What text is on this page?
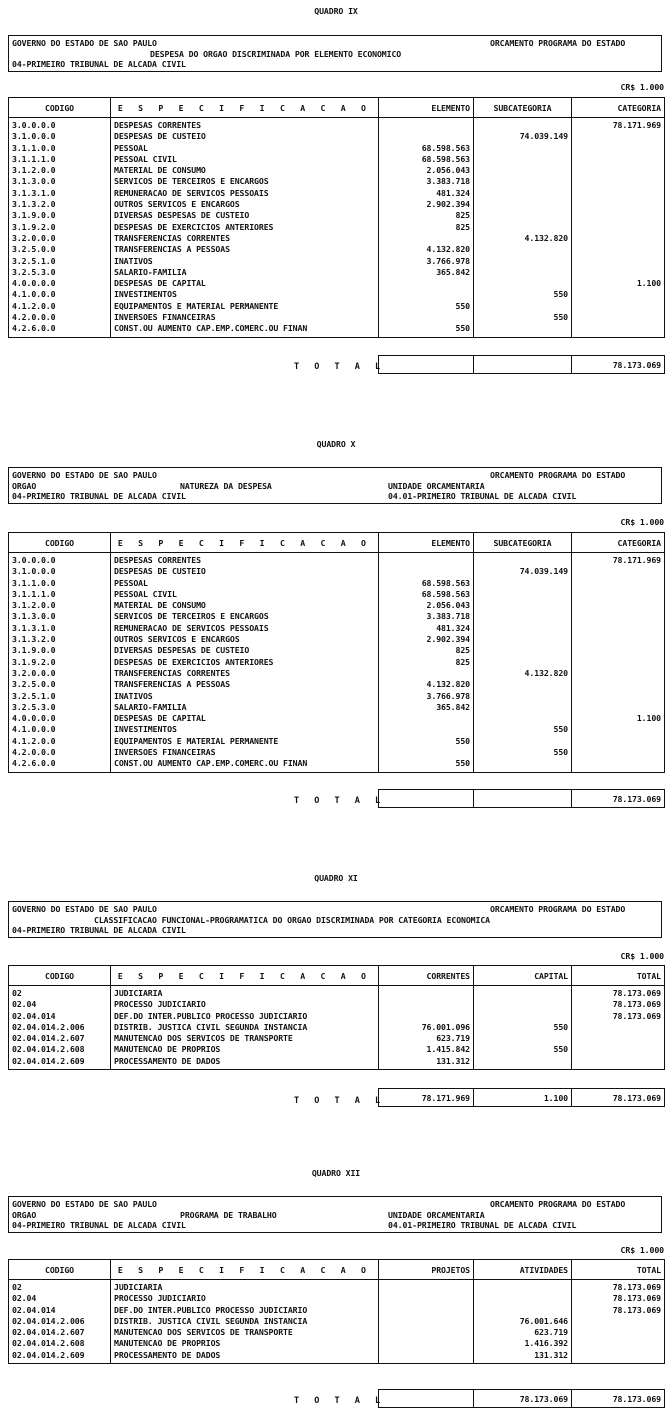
QUADRO IX
GOVERNO DO ESTADO DE SAO PAULO	ORCAMENTO PROGRAMA DO ESTADO
DESPESA DO ORGAO DISCRIMINADA POR ELEMENTO ECONOMICO
04-PRIMEIRO TRIBUNAL DE ALCADA CIVIL
CR$ 1.000
CODIGO	E S P E C I F I C A C A O	ELEMENTO	SUBCATEGORIA	CATEGORIA
3.0.0.0.0	DESPESAS CORRENTES			78.171.969
3.1.0.0.0	DESPESAS DE CUSTEIO		74.039.149	
3.1.1.0.0	PESSOAL	68.598.563		
3.1.1.1.0	PESSOAL CIVIL	68.598.563		
3.1.2.0.0	MATERIAL DE CONSUMO	2.056.043		
3.1.3.0.0	SERVICOS DE TERCEIROS E ENCARGOS	3.383.718		
3.1.3.1.0	REMUNERACAO DE SERVICOS PESSOAIS	481.324		
3.1.3.2.0	OUTROS SERVICOS E ENCARGOS	2.902.394		
3.1.9.0.0	DIVERSAS DESPESAS DE CUSTEIO	825		
3.1.9.2.0	DESPESAS DE EXERCICIOS ANTERIORES	825		
3.2.0.0.0	TRANSFERENCIAS CORRENTES		4.132.820	
3.2.5.0.0	TRANSFERENCIAS A PESSOAS	4.132.820		
3.2.5.1.0	INATIVOS	3.766.978		
3.2.5.3.0	SALARIO-FAMILIA	365.842		
4.0.0.0.0	DESPESAS DE CAPITAL			1.100
4.1.0.0.0	INVESTIMENTOS		550	
4.1.2.0.0	EQUIPAMENTOS E MATERIAL PERMANENTE	550		
4.2.0.0.0	INVERSOES FINANCEIRAS		550	
4.2.6.0.0	CONST.OU AUMENTO CAP.EMP.COMERC.OU FINAN	550		
T O T A L
			78.173.069
QUADRO X
GOVERNO DO ESTADO DE SAO PAULO	ORCAMENTO PROGRAMA DO ESTADO
ORGAO	NATUREZA DA DESPESA	UNIDADE ORCAMENTARIA
04-PRIMEIRO TRIBUNAL DE ALCADA CIVIL	04.01-PRIMEIRO TRIBUNAL DE ALCADA CIVIL
CR$ 1.000
CODIGO	E S P E C I F I C A C A O	ELEMENTO	SUBCATEGORIA	CATEGORIA
3.0.0.0.0	DESPESAS CORRENTES			78.171.969
3.1.0.0.0	DESPESAS DE CUSTEIO		74.039.149	
3.1.1.0.0	PESSOAL	68.598.563		
3.1.1.1.0	PESSOAL CIVIL	68.598.563		
3.1.2.0.0	MATERIAL DE CONSUMO	2.056.043		
3.1.3.0.0	SERVICOS DE TERCEIROS E ENCARGOS	3.383.718		
3.1.3.1.0	REMUNERACAO DE SERVICOS PESSOAIS	481.324		
3.1.3.2.0	OUTROS SERVICOS E ENCARGOS	2.902.394		
3.1.9.0.0	DIVERSAS DESPESAS DE CUSTEIO	825		
3.1.9.2.0	DESPESAS DE EXERCICIOS ANTERIORES	825		
3.2.0.0.0	TRANSFERENCIAS CORRENTES		4.132.820	
3.2.5.0.0	TRANSFERENCIAS A PESSOAS	4.132.820		
3.2.5.1.0	INATIVOS	3.766.978		
3.2.5.3.0	SALARIO-FAMILIA	365.842		
4.0.0.0.0	DESPESAS DE CAPITAL			1.100
4.1.0.0.0	INVESTIMENTOS		550	
4.1.2.0.0	EQUIPAMENTOS E MATERIAL PERMANENTE	550		
4.2.0.0.0	INVERSOES FINANCEIRAS		550	
4.2.6.0.0	CONST.OU AUMENTO CAP.EMP.COMERC.OU FINAN	550		
T O T A L
			78.173.069
QUADRO XI
GOVERNO DO ESTADO DE SAO PAULO	ORCAMENTO PROGRAMA DO ESTADO
CLASSIFICACAO FUNCIONAL-PROGRAMATICA DO ORGAO DISCRIMINADA POR CATEGORIA ECONOMICA
04-PRIMEIRO TRIBUNAL DE ALCADA CIVIL
CR$ 1.000
CODIGO	E S P E C I F I C A C A O	CORRENTES	CAPITAL	TOTAL
02	JUDICIARIA			78.173.069
02.04	PROCESSO JUDICIARIO			78.173.069
02.04.014	DEF.DO INTER.PUBLICO PROCESSO JUDICIARIO			78.173.069
02.04.014.2.006	DISTRIB. JUSTICA CIVIL SEGUNDA INSTANCIA	76.001.096	550	
02.04.014.2.607	MANUTENCAO DOS SERVICOS DE TRANSPORTE	623.719		
02.04.014.2.608	MANUTENCAO DE PROPRIOS	1.415.842	550	
02.04.014.2.609	PROCESSAMENTO DE DADOS	131.312		
T O T A L	78.171.969	1.100	78.173.069
QUADRO XII
GOVERNO DO ESTADO DE SAO PAULO	ORCAMENTO PROGRAMA DO ESTADO
ORGAO	PROGRAMA DE TRABALHO	UNIDADE ORCAMENTARIA
04-PRIMEIRO TRIBUNAL DE ALCADA CIVIL	04.01-PRIMEIRO TRIBUNAL DE ALCADA CIVIL
CR$ 1.000
CODIGO	E S P E C I F I C A C A O	PROJETOS	ATIVIDADES	TOTAL
02	JUDICIARIA			78.173.069
02.04	PROCESSO JUDICIARIO			78.173.069
02.04.014	DEF.DO INTER.PUBLICO PROCESSO JUDICIARIO			78.173.069
02.04.014.2.006	DISTRIB. JUSTICA CIVIL SEGUNDA INSTANCIA		76.001.646	
02.04.014.2.607	MANUTENCAO DOS SERVICOS DE TRANSPORTE		623.719	
02.04.014.2.608	MANUTENCAO DE PROPRIOS		1.416.392	
02.04.014.2.609	PROCESSAMENTO DE DADOS		131.312	
T O T A L
		78.173.069	78.173.069
